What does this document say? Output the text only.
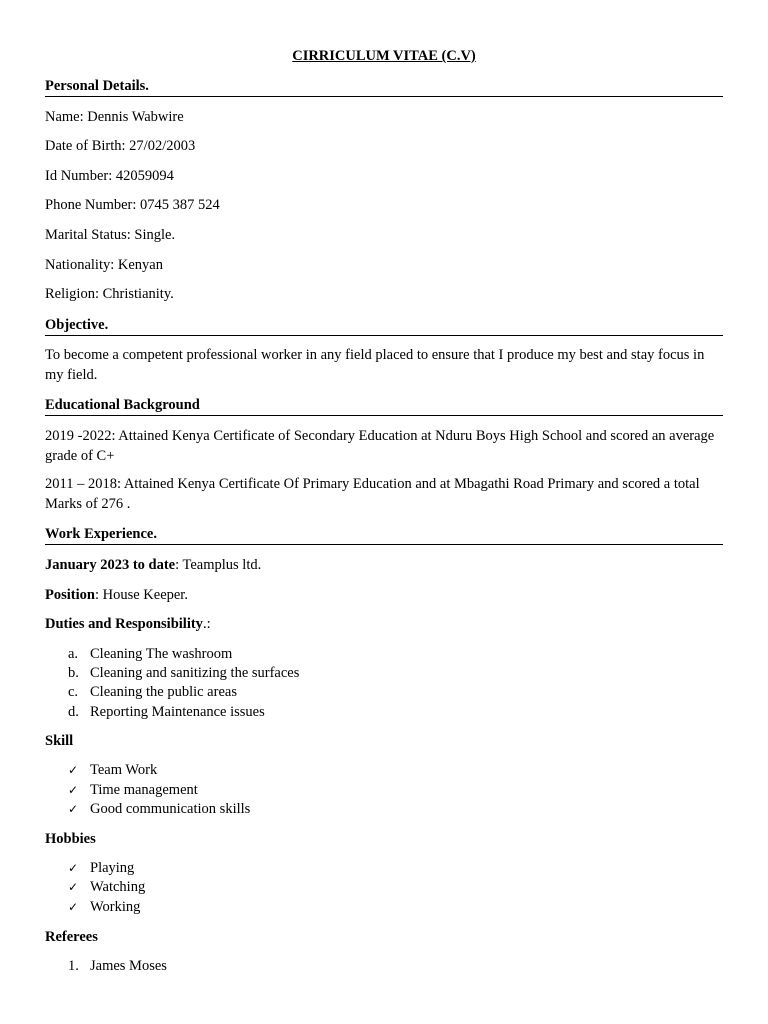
CIRRICULUM VITAE (C.V)
Personal Details.
Name: Dennis Wabwire
Date of Birth: 27/02/2003
Id Number: 42059094
Phone Number: 0745 387 524
Marital Status: Single.
Nationality: Kenyan
Religion: Christianity.
Objective.
To become a competent professional worker in any field placed to ensure that I produce my best and stay focus in my field.
Educational Background
2019 -2022: Attained Kenya Certificate of Secondary Education at Nduru Boys High School and scored an average grade of C+
2011 – 2018: Attained Kenya Certificate Of Primary Education and at Mbagathi Road Primary and scored a total Marks of 276 .
Work Experience.
January 2023 to date: Teamplus ltd.
Position: House Keeper.
Duties and Responsibility.:
a. Cleaning The washroom
b. Cleaning and sanitizing the surfaces
c. Cleaning the public areas
d. Reporting Maintenance issues
Skill
✓ Team Work
✓ Time management
✓ Good communication skills
Hobbies
✓ Playing
✓ Watching
✓ Working
Referees
1. James Moses
